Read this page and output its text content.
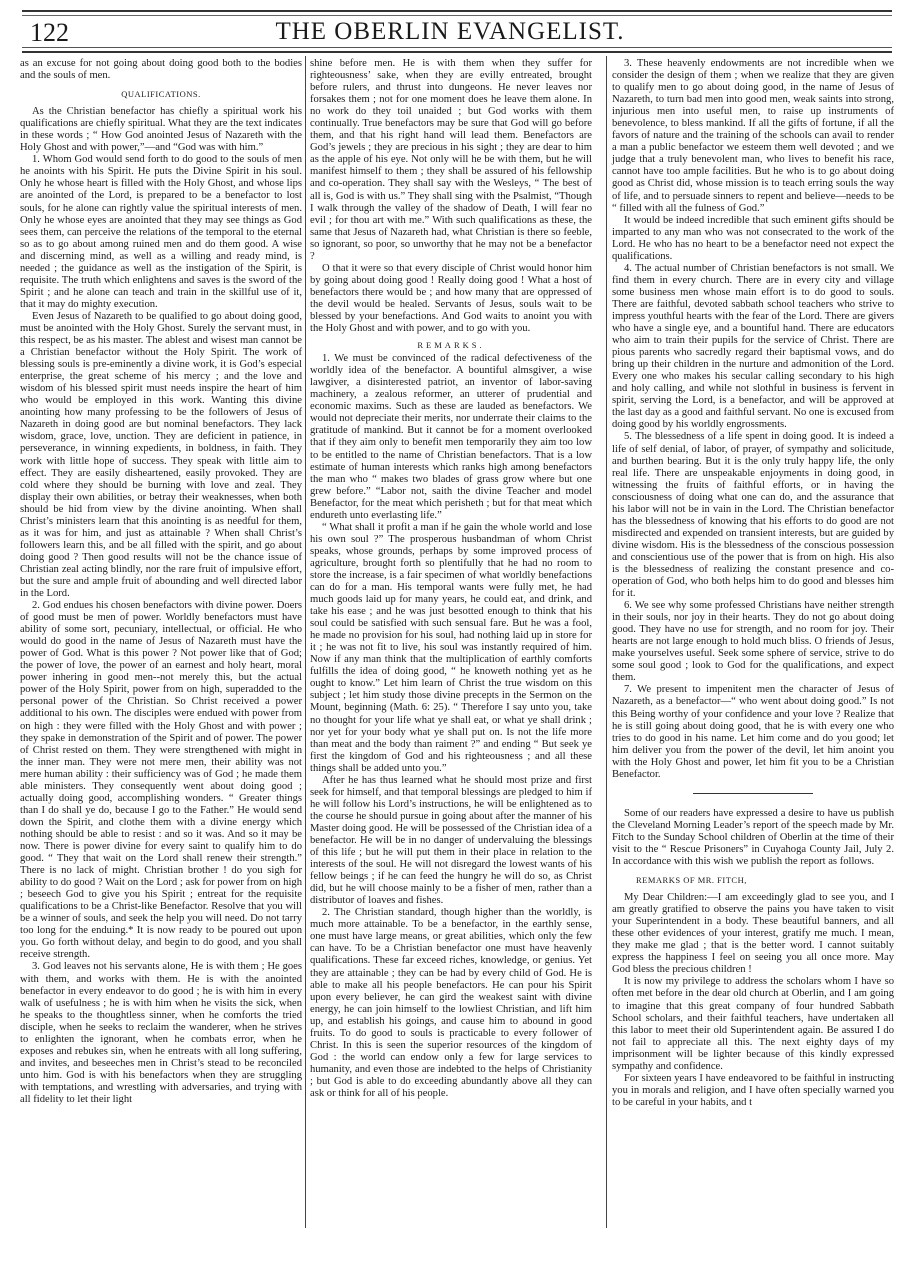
122	THE OBERLIN EVANGELIST.

as an excuse for not going about doing good both to the bodies and the souls of men.

QUALIFICATIONS.

As the Christian benefactor has chiefly a spiritual work his qualifications are chiefly spiritual. What they are the text indicates in these words ; “ How God anointed Jesus of Nazareth with the Holy Ghost and with power,”—and “God was with him.”

1. Whom God would send forth to do good to the souls of men he anoints with his Spirit. He puts the Divine Spirit in his soul. Only he whose heart is filled with the Holy Ghost, and whose lips are anointed of the Lord, is prepared to be a benefactor to lost souls, for he alone can rightly value the spiritual interests of men. Only he whose eyes are anointed that they may see things as God sees them, can perceive the relations of the temporal to the eternal so as to go about among ruined men and do them good. A wise and discerning mind, as well as a willing and ready mind, is needed ; the guidance as well as the instigation of the Spirit, is requisite. The truth which enlightens and saves is the sword of the Spirit ; and he alone can teach and train in the skillful use of it, that it may do mighty execution.

Even Jesus of Nazareth to be qualified to go about doing good, must be anointed with the Holy Ghost. Surely the servant must, in this respect, be as his master. The ablest and wisest man cannot be a Christian benefactor without the Holy Spirit. The work of blessing souls is pre-eminently a divine work, it is God’s especial enterprise, the great scheme of his mercy ; and the love and wisdom of his blessed spirit must needs inspire the heart of him who would be employed in this work. Wanting this divine anointing how many professing to be the followers of Jesus of Nazareth in doing good are but nominal benefactors. They lack wisdom, grace, love, unction. They are deficient in patience, in perseverance, in winning expedients, in boldness, in faith. They work with little hope of success. They speak with little aim to effect. They are easily disheartened, easily provoked. They are cold where they should be burning with love and zeal. They display their own abilities, or betray their weaknesses, when both should be hid from view by the divine anointing. When shall Christ’s ministers learn that this anointing is as needful for them, as it was for him, and just as attainable ? When shall Christ’s followers learn this, and be all filled with the spirit, and go about doing good ? Then good results will not be the chance issue of Christian zeal acting blindly, nor the rare fruit of impulsive effort, but the sure and ample fruit of abounding and well directed labor in the Lord.

2. God endues his chosen benefactors with divine power. Doers of good must be men of power. Worldly benefactors must have ability of some sort, pecuniary, intellectual, or official. He who would do good in the name of Jesus of Nazareth must have the power of God. What is this power ? Not power like that of God; the power of love, the power of an earnest and holy heart, moral power inhering in good men--not merely this, but the actual power of the Holy Spirit, power from on high, superadded to the personal power of the Christian. So Christ received a power additional to his own. The disciples were endued with power from on high : they were filled with the Holy Ghost and with power ; they spake in demonstration of the Spirit and of power. The power of Christ rested on them. They were strengthened with might in the inner man. They were not mere men, their ability was not mere human ability : their sufficiency was of God ; he made them able ministers. They consequently went about doing good ; actually doing good, accomplishing wonders. “ Greater things than I do shall ye do, because I go to the Father.” He would send down the Spirit, and clothe them with a divine energy which nothing should be able to resist : and so it was. And so it may be now. There is power divine for every saint to qualify him to do good. “ They that wait on the Lord shall renew their strength.” There is no lack of might. Christian brother ! do you sigh for ability to do good ? Wait on the Lord ; ask for power from on high ; beseech God to give you his Spirit ; entreat for the requisite qualifications to be a Christ-like Benefactor. Resolve that you will be a winner of souls, and seek the help you will need. Do not tarry too long for the enduing.* It is now ready to be poured out upon you. Go forth without delay, and begin to do good, and you shall receive strength.

3. God leaves not his servants alone, He is with them ; He goes with them, and works with them. He is with the anointed benefactor in every endeavor to do good ; he is with him in every walk of usefulness ; he is with him when he visits the sick, when he speaks to the thoughtless sinner, when he comforts the tried disciple, when he seeks to reclaim the wanderer, when he strives to enlighten the ignorant, when he combats error, when he exposes and rebukes sin, when he entreats with all long suffering, and invites, and beseeches men in Christ’s stead to be reconciled unto him. God is with his benefactors when they are struggling with temptations, and wrestling with adversaries, and trying with all fidelity to let their light

shine before men. He is with them when they suffer for righteousness’ sake, when they are evilly entreated, brought before rulers, and thrust into dungeons. He never leaves nor forsakes them ; not for one moment does he leave them alone. In no work do they toil unaided ; but God works with them continually. True benefactors may be sure that God will go before them, and that his right hand will lead them. Benefactors are God’s jewels ; they are precious in his sight ; they are dear to him as the apple of his eye. Not only will he be with them, but he will manifest himself to them ; they shall be assured of his fellowship and co-operation. They shall say with the Wesleys, “ The best of all is, God is with us.” They shall sing with the Psalmist, “Though I walk through the valley of the shadow of Death, I will fear no evil ; for thou art with me.” With such qualifications as these, the same that Jesus of Nazareth had, what Christian is there so feeble, so ignorant, so poor, so unworthy that he may not be a benefactor ?

O that it were so that every disciple of Christ would honor him by going about doing good ! Really doing good ! What a host of benefactors there would be ; and how many that are oppressed of the devil would be healed. Servants of Jesus, souls wait to be blessed by your benefactions. And God waits to anoint you with the Holy Ghost and with power, and to go with you.

REMARKS.

1. We must be convinced of the radical defectiveness of the worldly idea of the benefactor. A bountiful almsgiver, a wise lawgiver, a disinterested patriot, an inventor of labor-saving machinery, a zealous reformer, an utterer of prudential and economic maxims. Such as these are lauded as benefactors. We would not depreciate their merits, nor underrate their claims to the gratitude of mankind. But it cannot be for a moment overlooked that if they aim only to benefit men temporarily they aim too low to be entitled to the name of Christian benefactors. That is a low estimate of human interests which ranks high among benefactors the man who “ makes two blades of grass grow where but one grew before.” “Labor not, saith the divine Teacher and model Benefactor, for the meat which perisheth ; but for that meat which endureth unto everlasting life.”

“ What shall it profit a man if he gain the whole world and lose his own soul ?” The prosperous husbandman of whom Christ speaks, whose grounds, perhaps by some improved process of agriculture, brought forth so plentifully that he had no room to store the increase, is a fair specimen of what worldly benefactions can do for a man. His temporal wants were fully met, he had much goods laid up for many years, he could eat, and drink, and take his ease ; and he was just besotted enough to think that his soul could be satisfied with such sensual fare. But he was a fool, he made no provision for his soul, had nothing laid up in store for it ; he was not fit to live, his soul was instantly required of him. Now if any man think that the multiplication of earthly comforts fulfills the idea of doing good, “ he knoweth nothing yet as he ought to know.” Let him learn of Christ the true wisdom on this subject ; let him study those divine precepts in the Sermon on the Mount, beginning (Math. 6: 25). “ Therefore I say unto you, take no thought for your life what ye shall eat, or what ye shall drink ; nor yet for your body what ye shall put on. Is not the life more than meat and the body than raiment ?” and ending “ But seek ye first the kingdom of God and his righteousness ; and all these things shall be added unto you.”

After he has thus learned what he should most prize and first seek for himself, and that temporal blessings are pledged to him if he will follow his Lord’s instructions, he will be enlightened as to the course he should pursue in going about after the manner of his Master doing good. He will be possessed of the Christian idea of a benefactor. He will be in no danger of undervaluing the blessings of this life ; but he will put them in their place in relation to the interests of the soul. He will not disregard the lowest wants of his fellow beings ; if he can feed the hungry he will do so, as Christ did, but he will choose mainly to be a fisher of men, rather than a distributor of loaves and fishes.

2. The Christian standard, though higher than the worldly, is much more attainable. To be a benefactor, in the earthly sense, one must have large means, or great abilities, which only the few can have. To be a Christian benefactor one must have heavenly qualifications. These far exceed riches, knowledge, or genius. Yet they are attainable ; they can be had by every child of God. He is able to make all his people benefactors. He can pour his Spirit upon every believer, he can gird the weakest saint with divine energy, he can join himself to the lowliest Christian, and lift him up, and establish his goings, and cause him to abound in good fruits. To do good to souls is practicable to every follower of Christ. In this is seen the superior resources of the kingdom of God : the world can endow only a few for large services to humanity, and even those are indebted to the helps of Christianity ; but God is able to do exceeding abundantly above all they can ask or think for all of his people.

3. These heavenly endowments are not incredible when we consider the design of them ; when we realize that they are given to qualify men to go about doing good, in the name of Jesus of Nazareth, to turn bad men into good men, weak saints into strong, injurious men into useful men, to raise up instruments of benevolence, to bless mankind. If all the gifts of fortune, if all the favors of nature and the training of the schools can avail to render a man a public benefactor we esteem them well devoted ; and we judge that a truly benevolent man, who lives to benefit his race, cannot have too ample facilities. But he who is to go about doing good as Christ did, whose mission is to teach erring souls the way of life, and to persuade sinners to repent and believe—needs to be “ filled with all the fulness of God.”

It would be indeed incredible that such eminent gifts should be imparted to any man who was not consecrated to the work of the Lord. He who has no heart to be a benefactor need not expect the qualifications.

4. The actual number of Christian benefactors is not small. We find them in every church. There are in every city and village some business men whose main effort is to do good to souls. There are faithful, devoted sabbath school teachers who strive to impress youthful hearts with the fear of the Lord. There are givers who have a single eye, and a bountiful hand. There are educators who aim to train their pupils for the service of Christ. There are pious parents who sacredly regard their baptismal vows, and do bring up their children in the nurture and admonition of the Lord. Every one who makes his secular calling secondary to his high and holy calling, and while not slothful in business is fervent in spirit, serving the Lord, is a benefactor, and will be approved at the last day as a good and faithful servant. No one is excused from doing good by his worldly engrossments.

5. The blessedness of a life spent in doing good. It is indeed a life of self denial, of labor, of prayer, of sympathy and solicitude, and burthen bearing. But it is the only truly happy life, the only real life. There are unspeakable enjoyments in doing good, in witnessing the fruits of faithful efforts, or in having the consciousness of doing what one can do, and the assurance that his labor will not be in vain in the Lord. The Christian benefactor has the blessedness of knowing that his efforts to do good are not misdirected and expended on transient interests, but are guided by divine wisdom. His is the blessedness of the conscious possession and conscientious use of the power that is from on high. His also is the blessedness of realizing the constant presence and co-operation of God, who both helps him to do good and blesses him for it.

6. We see why some professed Christians have neither strength in their souls, nor joy in their hearts. They do not go about doing good. They have no use for strength, and no room for joy. Their hearts are not large enough to hold much bliss. O friends of Jesus, make yourselves useful. Seek some sphere of service, strive to do some soul good ; look to God for the qualifications, and expect them.

7. We present to impenitent men the character of Jesus of Nazareth, as a benefactor—“ who went about doing good.” Is not this Being worthy of your confidence and your love ? Realize that he is still going about doing good, that he is with every one who tries to do good in his name. Let him come and do you good; let him deliver you from the power of the devil, let him anoint you with the Holy Ghost and power, let him fit you to be a Christian Benefactor.

Some of our readers have expressed a desire to have us publish the Cleveland Morning Leader’s report of the speech made by Mr. Fitch to the Sunday School children of Oberlin at the time of their visit to the “ Rescue Prisoners” in Cuyahoga County Jail, July 2. In accordance with this wish we publish the report as follows.

REMARKS OF MR. FITCH,

My Dear Children:—I am exceedingly glad to see you, and I am greatly gratified to observe the pains you have taken to visit your Superintendent in a body. These beautiful banners, and all these other evidences of your interest, gratify me much. I mean, they make me glad ; that is the better word. I cannot suitably express the happiness I feel on seeing you all once more. May God bless the precious children !

It is now my privilege to address the scholars whom I have so often met before in the dear old church at Oberlin, and I am going to imagine that this great company of four hundred Sabbath School scholars, and their faithful teachers, have undertaken all this labor to meet their old Superintendent again. Be assured I do not fail to appreciate all this. The next eighty days of my imprisonment will be lighter because of this kindly expressed sympathy and confidence.

For sixteen years I have endeavored to be faithful in instructing you in morals and religion, and I have often specially warned you to be careful in your habits, and t
